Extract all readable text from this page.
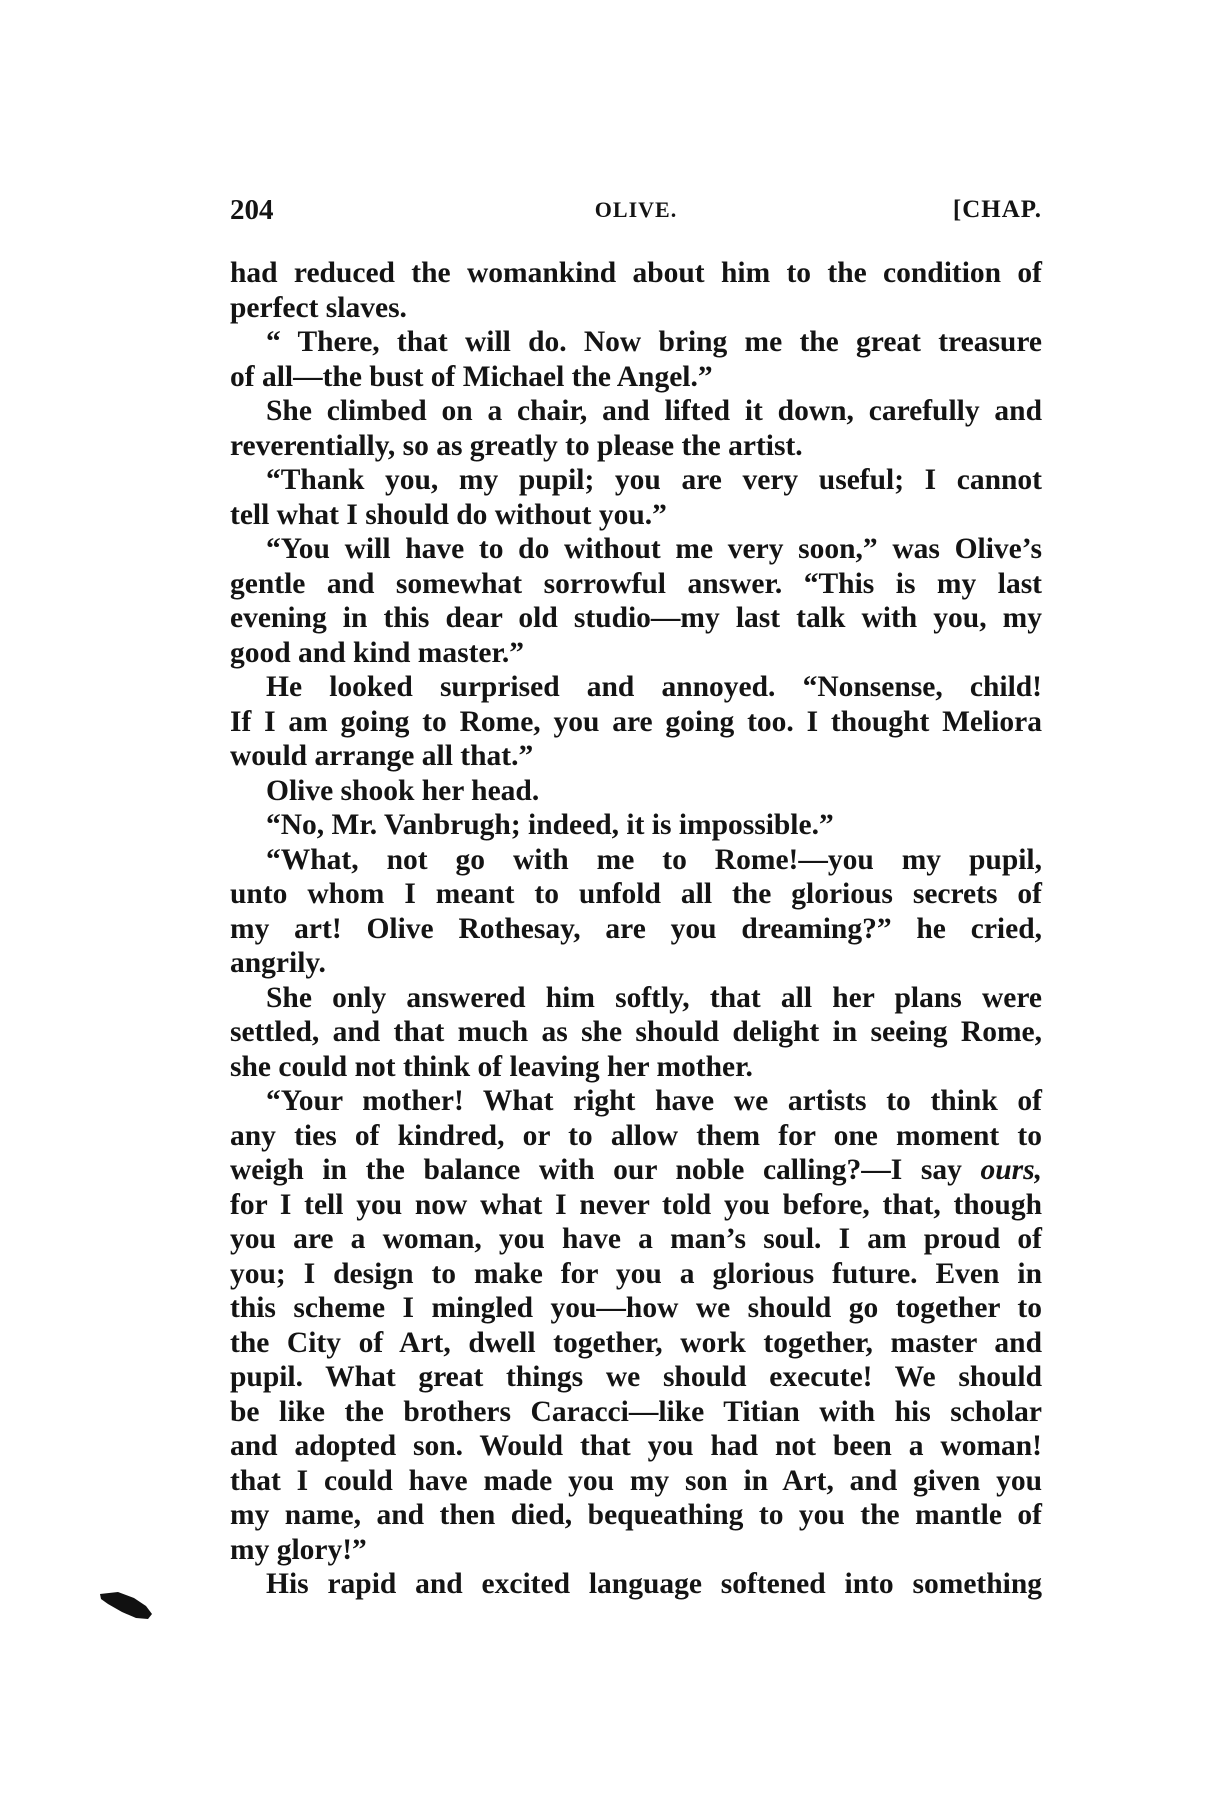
204	OLIVE.	[CHAP.
had reduced the womankind about him to the condition of
perfect slaves.
“ There, that will do. Now bring me the great treasure
of all—the bust of Michael the Angel.”
She climbed on a chair, and lifted it down, carefully and
reverentially, so as greatly to please the artist.
“Thank you, my pupil; you are very useful; I cannot
tell what I should do without you.”
“You will have to do without me very soon,” was Olive’s
gentle and somewhat sorrowful answer. “This is my last
evening in this dear old studio—my last talk with you, my
good and kind master.”
He looked surprised and annoyed. “Nonsense, child!
If I am going to Rome, you are going too. I thought Meliora
would arrange all that.”
Olive shook her head.
“No, Mr. Vanbrugh; indeed, it is impossible.”
“What, not go with me to Rome!—you my pupil,
unto whom I meant to unfold all the glorious secrets of
my art! Olive Rothesay, are you dreaming?” he cried,
angrily.
She only answered him softly, that all her plans were
settled, and that much as she should delight in seeing Rome,
she could not think of leaving her mother.
“Your mother! What right have we artists to think of
any ties of kindred, or to allow them for one moment to
weigh in the balance with our noble calling?—I say ours,
for I tell you now what I never told you before, that, though
you are a woman, you have a man’s soul. I am proud of
you; I design to make for you a glorious future. Even in
this scheme I mingled you—how we should go together to
the City of Art, dwell together, work together, master and
pupil. What great things we should execute! We should
be like the brothers Caracci—like Titian with his scholar
and adopted son. Would that you had not been a woman!
that I could have made you my son in Art, and given you
my name, and then died, bequeathing to you the mantle of
my glory!”
His rapid and excited language softened into something
